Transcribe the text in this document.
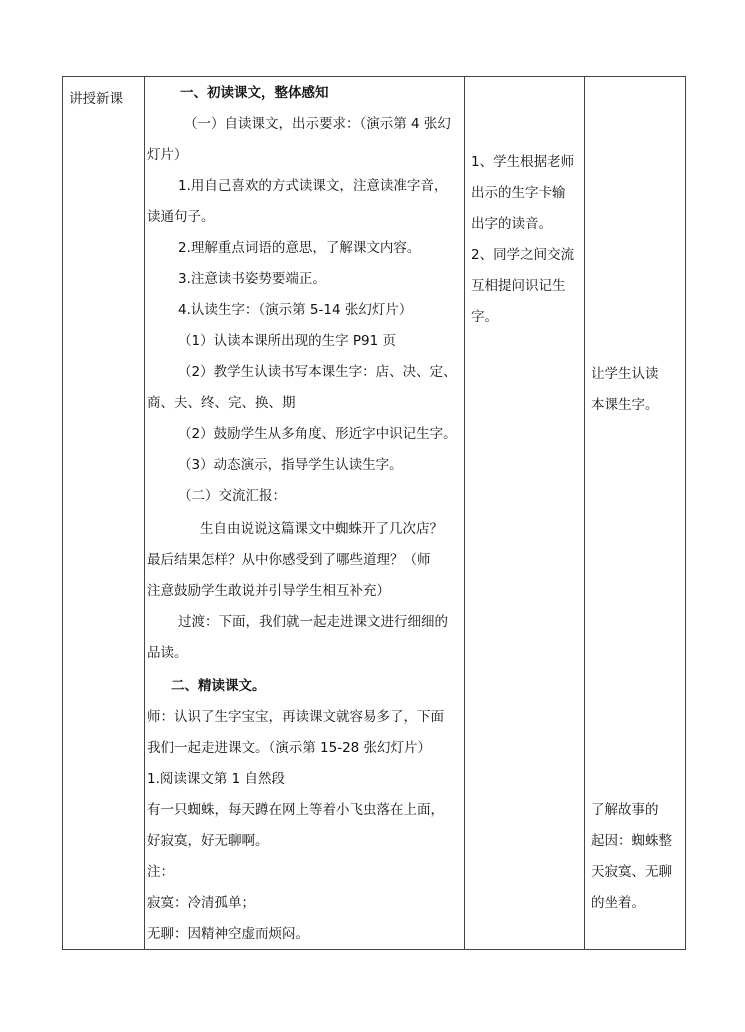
讲授新课	一、初读课文，整体感知
（一）自读课文，出示要求：（演示第 4 张幻
灯片）
1.用自己喜欢的方式读课文，注意读准字音，
读通句子。
2.理解重点词语的意思，了解课文内容。
3.注意读书姿势要端正。
4.认读生字：（演示第 5-14 张幻灯片）
（1）认读本课所出现的生字 P91 页
（2）教学生认读书写本课生字：店、决、定、
商、夫、终、完、换、期
（2）鼓励学生从多角度、形近字中识记生字。
（3）动态演示，指导学生认读生字。
（二）交流汇报：
生自由说说这篇课文中蜘蛛开了几次店？
最后结果怎样？从中你感受到了哪些道理？（师
注意鼓励学生敢说并引导学生相互补充）
过渡：下面，我们就一起走进课文进行细细的
品读。
二、精读课文。
师：认识了生字宝宝，再读课文就容易多了，下面
我们一起走进课文。（演示第 15-28 张幻灯片）
1.阅读课文第 1 自然段
有一只蜘蛛，每天蹲在网上等着小飞虫落在上面，
好寂寞，好无聊啊。
注：
寂寞：冷清孤单；
无聊：因精神空虚而烦闷。
1、学生根据老师
出示的生字卡输
出字的读音。
2、同学之间交流
互相提问识记生
字。
让学生认读
本课生字。
了解故事的
起因：蜘蛛整
天寂寞、无聊
的坐着。
